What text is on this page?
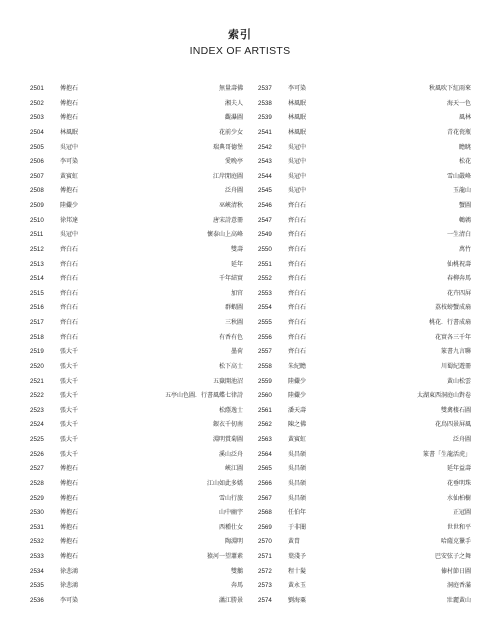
索引
INDEX OF ARTISTS
2501	傅抱石	無量壽佛
2502	傅抱石	湘夫人
2503	傅抱石	觀瀑圖
2504	林風眠	花前少女
2505	吳冠中	瑞典哥德堡
2506	李可染	愛晚亭
2507	黃賓虹	江岸閒庭圖
2508	傅抱石	泛舟圖
2509	陸儼少	巫峽清秋
2510	徐邦達	唐宋詩意冊
2511	吳冠中	懷泰山上高峰
2512	齊白石	雙壽
2513	齊白石	延年
2514	齊白石	千年結實
2515	齊白石	加官
2516	齊白石	群蝦圖
2517	齊白石	三秋圖
2518	齊白石	有香有色
2519	張大千	墨荷
2520	張大千	松下高士
2521	張大千	五嶽開池沼
2522	張大千	五亭山色圖．行書風蝶七律詩
2523	張大千	松蔭逸士
2524	張大千	銀衣千仞南
2525	張大千	淵明賞菊圖
2526	張大千	溪山泛舟
2527	傅抱石	峽江圖
2528	傅抱石	江山如此多嬌
2529	傅抱石	雪山行旅
2530	傅抱石	山中幽宇
2531	傅抱石	西種仕女
2532	傅抱石	陶淵明
2533	傅抱石	猿河一望蕭素
2534	徐悲鴻	雙鵝
2535	徐悲鴻	奔馬
2536	李可染	瀟江勝景
2537	李可染	秋風吹下紅雨來
2538	林風眠	海天一色
2539	林風眠	風林
2541	林風眠	青花瓷瓶
2542	吳冠中	瞻眺
2543	吳冠中	松花
2544	吳冠中	雪山嚴峰
2545	吳冠中	玉龍山
2546	齊白石	蟹圖
2547	齊白石	鵪鶉
2549	齊白石	一生清白
2550	齊白石	萬竹
2551	齊白石	仙桃祝壽
2552	齊白石	春柳奔馬
2553	齊白石	花卉四屏
2554	齊白石	荔枝螃蟹成扇
2555	齊白石	桃花．行書成扇
2556	齊白石	花實各三千年
2557	齊白石	篆書九言聯
2558	朱紀瞻	川蜀紀遊冊
2559	陸儼少	黃山松雲
2560	陸儼少	太湖東西洞庭山對卷
2561	潘天壽	雙禽棲石圖
2562	陳之佛	花鳥四景屏風
2563	黃賓虹	泛舟圖
2564	吳昌碩	篆書「生龍活虎」
2565	吳昌碩	延年益壽
2566	吳昌碩	花垂明珠
2567	吳昌碩	水仙柏樹
2568	任伯年	正冠圖
2569	于非闇	世世和平
2570	黃胄	哈薩克獵手
2571	葉淺予	巴安弦子之舞
2572	程十髮	傣村節日圖
2573	黃永玉	洞庭香滿
2574	劉海粟	壯麗黃山
